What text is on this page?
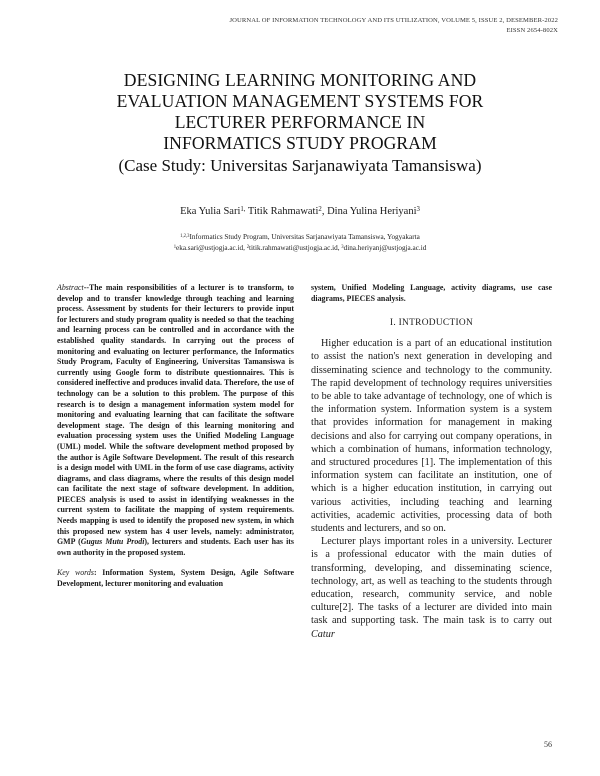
JOURNAL OF INFORMATION TECHNOLOGY AND ITS UTILIZATION, VOLUME 5, ISSUE 2, DESEMBER-2022
EISSN 2654-802X
DESIGNING LEARNING MONITORING AND
EVALUATION MANAGEMENT SYSTEMS FOR
LECTURER PERFORMANCE IN
INFORMATICS STUDY PROGRAM
(Case Study: Universitas Sarjanawiyata Tamansiswa)
Eka Yulia Sari$^{1,}$ Titik Rahmawati$^2$, Dina Yulina Heriyani$^3$
$^{1,2,3}$Informatics Study Program, Universitas Sarjanawiyata Tamansiswa, Yogyakarta
$^1$eka.sari@ustjogja.ac.id, $^2$titik.rahmawati@ustjogja.ac.id, $^3$dina.heriyanj@ustjogja.ac.id
Abstract--The main responsibilities of a lecturer is to transform, to develop and to transfer knowledge through teaching and learning process. Assessment by students for their lecturers to provide input for lecturers and study program quality is needed so that the teaching and learning process can be controlled and in accordance with the established quality standards. In carrying out the process of monitoring and evaluating on lecturer performance, the Informatics Study Program, Faculty of Engineering, Universitas Tamansiswa is currently using Google form to distribute questionnaires. This is considered ineffective and produces invalid data. Therefore, the use of technology can be a solution to this problem. The purpose of this research is to design a management information system model for monitoring and evaluating learning that can facilitate the software development stage. The design of this learning monitoring and evaluation processing system uses the Unified Modeling Language (UML) model. While the software development method proposed by the author is Agile Software Development. The result of this research is a design model with UML in the form of use case diagrams, activity diagrams, and class diagrams, where the results of this design model can facilitate the next stage of software development. In addition, PIECES analysis is used to assist in identifying weaknesses in the current system to facilitate the mapping of system requirements. Needs mapping is used to identify the proposed new system, in which this proposed new system has 4 user levels, namely: administrator, GMP (Gugus Mutu Prodi), lecturers and students. Each user has its own authority in the proposed system.
Key words: Information System, System Design, Agile Software Development, lecturer monitoring and evaluation
system, Unified Modeling Language, activity diagrams, use case diagrams, PIECES analysis.
I. INTRODUCTION

Higher education is a part of an educational institution to assist the nation's next generation in developing and disseminating science and technology to the community. The rapid development of technology requires universities to be able to take advantage of technology, one of which is the information system. Information system is a system that provides information for management in making decisions and also for carrying out company operations, in which a combination of humans, information technology, and structured procedures [1]. The implementation of this information system can facilitate an institution, one of which is a higher education institution, in carrying out various activities, including teaching and learning activities, academic activities, processing data of both students and lecturers, and so on.

Lecturer plays important roles in a university. Lecturer is a professional educator with the main duties of transforming, developing, and disseminating science, technology, art, as well as teaching to the students through education, research, community service, and noble culture[2]. The tasks of a lecturer are divided into main task and supporting task. The main task is to carry out Catur

56
